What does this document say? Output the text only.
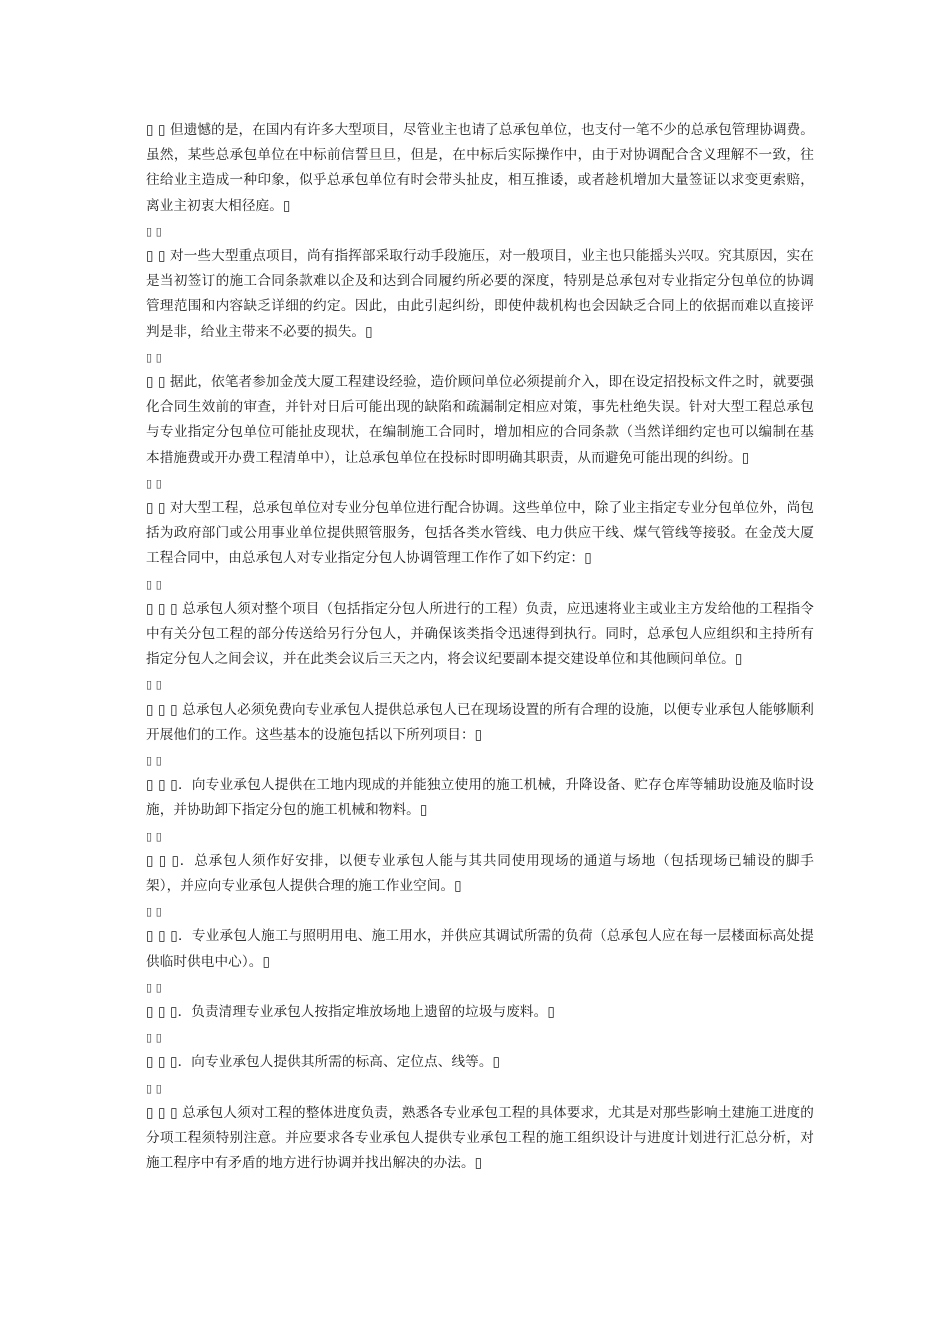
▯ ▯ 但遗憾的是，在国内有许多大型项目，尽管业主也请了总承包单位，也支付一笔不少的总承包管理协调费。虽然，某些总承包单位在中标前信誓旦旦，但是，在中标后实际操作中，由于对协调配合含义理解不一致，往往给业主造成一种印象，似乎总承包单位有时会带头扯皮，相互推诿，或者趁机增加大量签证以求变更索赔，离业主初衷大相径庭。▯

▯ ▯

▯ ▯ 对一些大型重点项目，尚有指挥部采取行动手段施压，对一般项目，业主也只能摇头兴叹。究其原因，实在是当初签订的施工合同条款难以企及和达到合同履约所必要的深度，特别是总承包对专业指定分包单位的协调管理范围和内容缺乏详细的约定。因此，由此引起纠纷，即使仲裁机构也会因缺乏合同上的依据而难以直接评判是非，给业主带来不必要的损失。▯

▯ ▯

▯ ▯ 据此，依笔者参加金茂大厦工程建设经验，造价顾问单位必须提前介入，即在设定招投标文件之时，就要强化合同生效前的审查，并针对日后可能出现的缺陷和疏漏制定相应对策，事先杜绝失误。针对大型工程总承包与专业指定分包单位可能扯皮现状，在编制施工合同时，增加相应的合同条款（当然详细约定也可以编制在基本措施费或开办费工程清单中），让总承包单位在投标时即明确其职责，从而避免可能出现的纠纷。▯

▯ ▯

▯ ▯ 对大型工程，总承包单位对专业分包单位进行配合协调。这些单位中，除了业主指定专业分包单位外，尚包括为政府部门或公用事业单位提供照管服务，包括各类水管线、电力供应干线、煤气管线等接驳。在金茂大厦工程合同中，由总承包人对专业指定分包人协调管理工作作了如下约定：▯

▯ ▯

▯ ▯ ▯ 总承包人须对整个项目（包括指定分包人所进行的工程）负责，应迅速将业主或业主方发给他的工程指令中有关分包工程的部分传送给另行分包人，并确保该类指令迅速得到执行。同时，总承包人应组织和主持所有指定分包人之间会议，并在此类会议后三天之内，将会议纪要副本提交建设单位和其他顾问单位。▯

▯ ▯

▯ ▯ ▯ 总承包人必须免费向专业承包人提供总承包人已在现场设置的所有合理的设施，以便专业承包人能够顺利开展他们的工作。这些基本的设施包括以下所列项目：▯

▯ ▯

▯ ▯ ▯．向专业承包人提供在工地内现成的并能独立使用的施工机械，升降设备、贮存仓库等辅助设施及临时设施，并协助卸下指定分包的施工机械和物料。▯

▯ ▯

▯ ▯ ▯．总承包人须作好安排，以便专业承包人能与其共同使用现场的通道与场地（包括现场已辅设的脚手架），并应向专业承包人提供合理的施工作业空间。▯

▯ ▯

▯ ▯ ▯．专业承包人施工与照明用电、施工用水，并供应其调试所需的负荷（总承包人应在每一层楼面标高处提供临时供电中心）。▯

▯ ▯

▯ ▯ ▯．负责清理专业承包人按指定堆放场地上遗留的垃圾与废料。▯

▯ ▯

▯ ▯ ▯．向专业承包人提供其所需的标高、定位点、线等。▯

▯ ▯

▯ ▯ ▯ 总承包人须对工程的整体进度负责，熟悉各专业承包工程的具体要求，尤其是对那些影响土建施工进度的分项工程须特别注意。并应要求各专业承包人提供专业承包工程的施工组织设计与进度计划进行汇总分析，对施工程序中有矛盾的地方进行协调并找出解决的办法。▯
